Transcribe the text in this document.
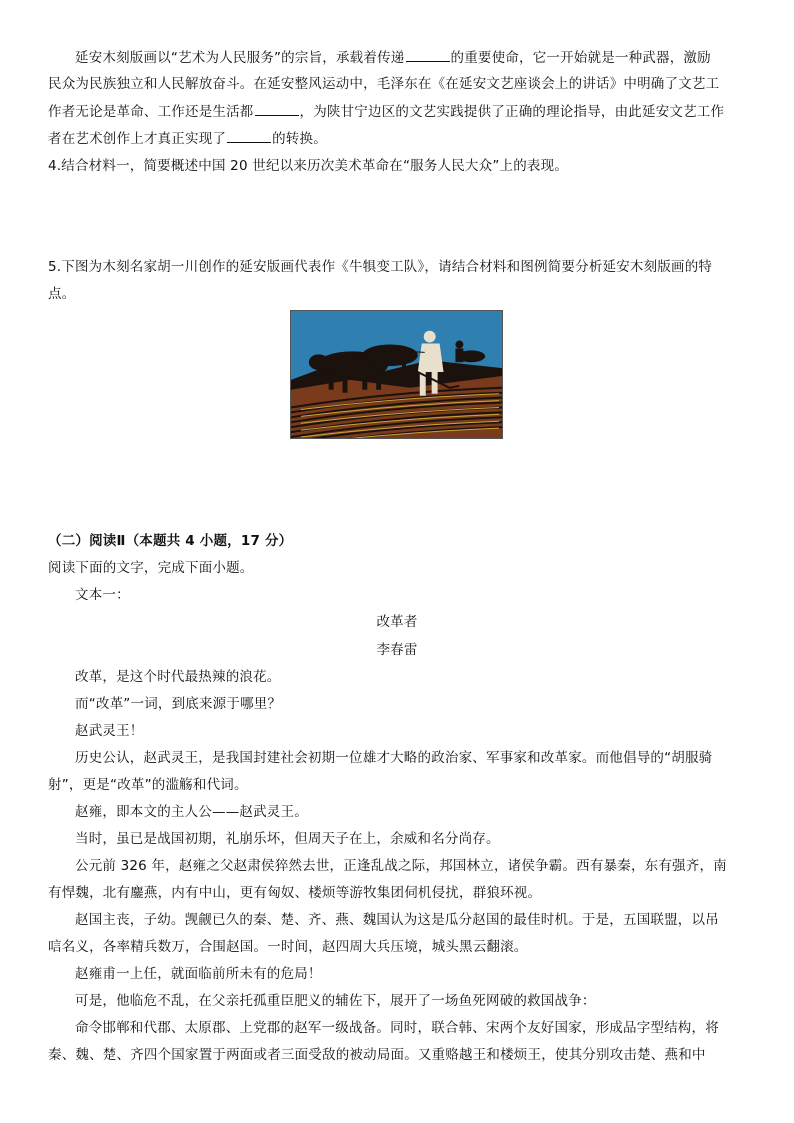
延安木刻版画以“艺术为人民服务”的宗旨，承载着传递	的重要使命，它一开始就是一种武器，激励
民众为民族独立和人民解放奋斗。在延安整风运动中，毛泽东在《在延安文艺座谈会上的讲话》中明确了文艺工
作者无论是革命、工作还是生活都	，为陕甘宁边区的文艺实践提供了正确的理论指导，由此延安文艺工作
者在艺术创作上才真正实现了	的转换。
4.结合材料一，简要概述中国 20 世纪以来历次美术革命在“服务人民大众”上的表现。
5.下图为木刻名家胡一川创作的延安版画代表作《牛犋变工队》，请结合材料和图例简要分析延安木刻版画的特
点。
（二）阅读Ⅱ（本题共 4 小题，17 分）
阅读下面的文字，完成下面小题。
文本一：
改革者
李春雷
改革，是这个时代最热辣的浪花。
而“改革”一词，到底来源于哪里？
赵武灵王！
历史公认，赵武灵王，是我国封建社会初期一位雄才大略的政治家、军事家和改革家。而他倡导的“胡服骑
射”，更是“改革”的滥觞和代词。
赵雍，即本文的主人公——赵武灵王。
当时，虽已是战国初期，礼崩乐坏，但周天子在上，余威和名分尚存。
公元前 326 年，赵雍之父赵肃侯猝然去世，正逢乱战之际，邦国林立，诸侯争霸。西有暴秦，东有强齐，南
有悍魏，北有鏖燕，内有中山，更有匈奴、楼烦等游牧集团伺机侵扰，群狼环视。
赵国主丧，子幼。觊觎已久的秦、楚、齐、燕、魏国认为这是瓜分赵国的最佳时机。于是，五国联盟，以吊
唁名义，各率精兵数万，合围赵国。一时间，赵四周大兵压境，城头黑云翻滚。
赵雍甫一上任，就面临前所未有的危局！
可是，他临危不乱，在父亲托孤重臣肥义的辅佐下，展开了一场鱼死网破的救国战争：
命令邯郸和代郡、太原郡、上党郡的赵军一级战备。同时，联合韩、宋两个友好国家，形成品字型结构，将
秦、魏、楚、齐四个国家置于两面或者三面受敌的被动局面。又重赂越王和楼烦王，使其分别攻击楚、燕和中
